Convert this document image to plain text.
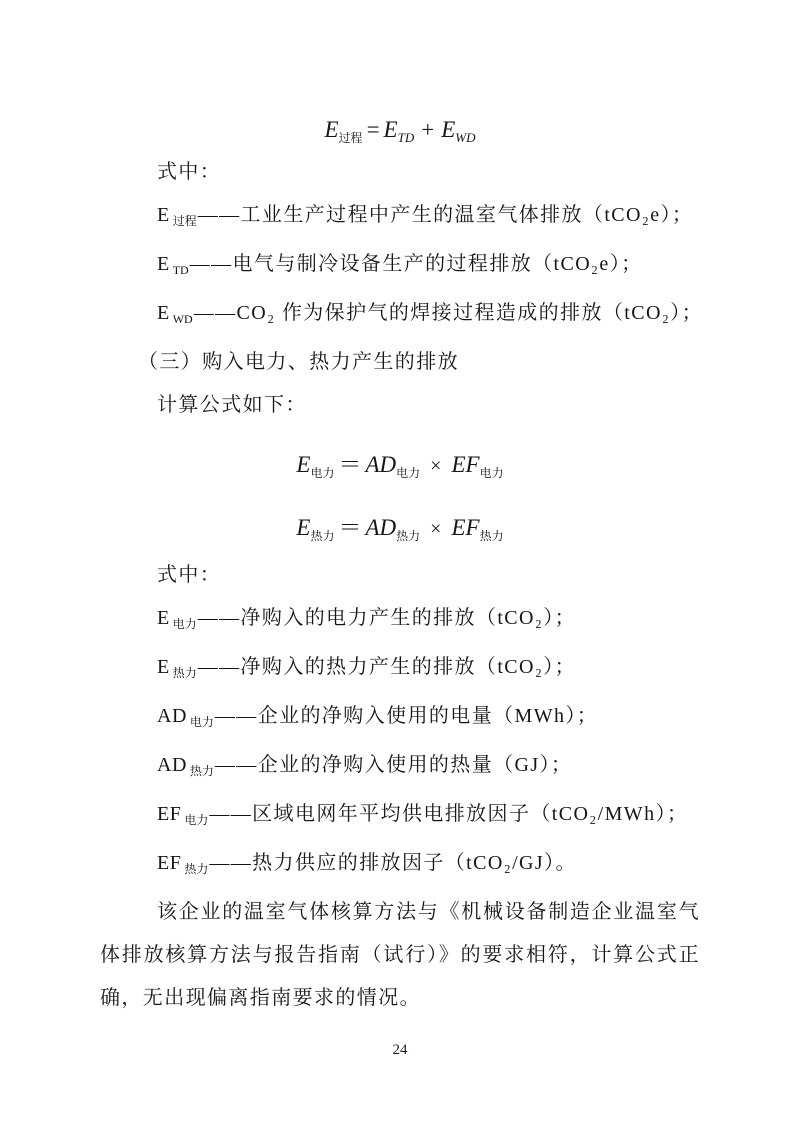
$E_{过程} = E_{TD} + E_{WD}$

式中：

E $_{过程}$——工业生产过程中产生的温室气体排放（tCO₂e）；

E $_{TD}$——电气与制冷设备生产的过程排放（tCO₂e）；

E $_{WD}$——CO₂ 作为保护气的焊接过程造成的排放（tCO₂）；

（三）购入电力、热力产生的排放

计算公式如下：

$E_{电力} = AD_{电力} \times EF_{电力}$
$E_{热力} = AD_{热力} \times EF_{热力}$

式中：

E $_{电力}$——净购入的电力产生的排放（tCO₂）；

E $_{热力}$——净购入的热力产生的排放（tCO₂）；

AD $_{电力}$——企业的净购入使用的电量（MWh）；

AD $_{热力}$——企业的净购入使用的热量（GJ）；

EF $_{电力}$——区域电网年平均供电排放因子（tCO₂/MWh）；

EF $_{热力}$——热力供应的排放因子（tCO₂/GJ）。

该企业的温室气体核算方法与《机械设备制造企业温室气体排放核算方法与报告指南（试行）》的要求相符，计算公式正确，无出现偏离指南要求的情况。

24
